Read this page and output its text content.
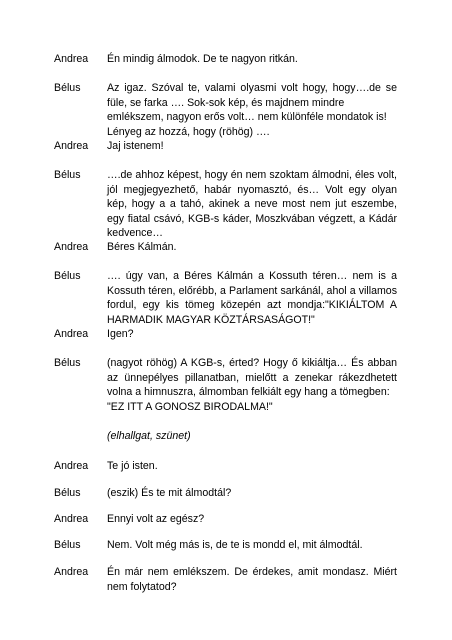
Andrea Én mindig álmodok. De te nagyon ritkán.
Bélus	Az igaz. Szóval te, valami olyasmi volt hogy, hogy….de se
füle, se farka …. Sok-sok kép, és majdnem mindre
emlékszem, nagyon erős volt… nem különféle mondatok is!
Lényeg az hozzá, hogy (röhög) ….
Andrea Jaj istenem!
Bélus	….de ahhoz képest, hogy én nem szoktam álmodni, éles volt,
jól megjegyezhető, habár nyomasztó, és… Volt egy olyan
kép, hogy a a tahó, akinek a neve most nem jut eszembe,
egy fiatal csávó, KGB-s káder, Moszkvában végzett, a Kádár
kedvence…
Andrea Béres Kálmán.
Bélus	…. úgy van, a Béres Kálmán a Kossuth téren… nem is a
Kossuth téren, előrébb, a Parlament sarkánál, ahol a villamos
fordul, egy kis tömeg közepén azt mondja:"KIKIÁLTOM A
HARMADIK MAGYAR KÖZTÁRSASÁGOT!"
Andrea Igen?
Bélus	(nagyot röhög) A KGB-s, érted? Hogy ő kikiáltja… És abban
az ünnepélyes pillanatban, mielőtt a zenekar rákezdhetett
volna a himnuszra, álmomban felkiált egy hang a tömegben:
"EZ ITT A GONOSZ BIRODALMA!"
(elhallgat, szünet)
Andrea Te jó isten.
Bélus	(eszik) És te mit álmodtál?
Andrea Ennyi volt az egész?
Bélus	Nem. Volt még más is, de te is mondd el, mit álmodtál.
Andrea Én már nem emlékszem. De érdekes, amit mondasz. Miért
nem folytatod?
